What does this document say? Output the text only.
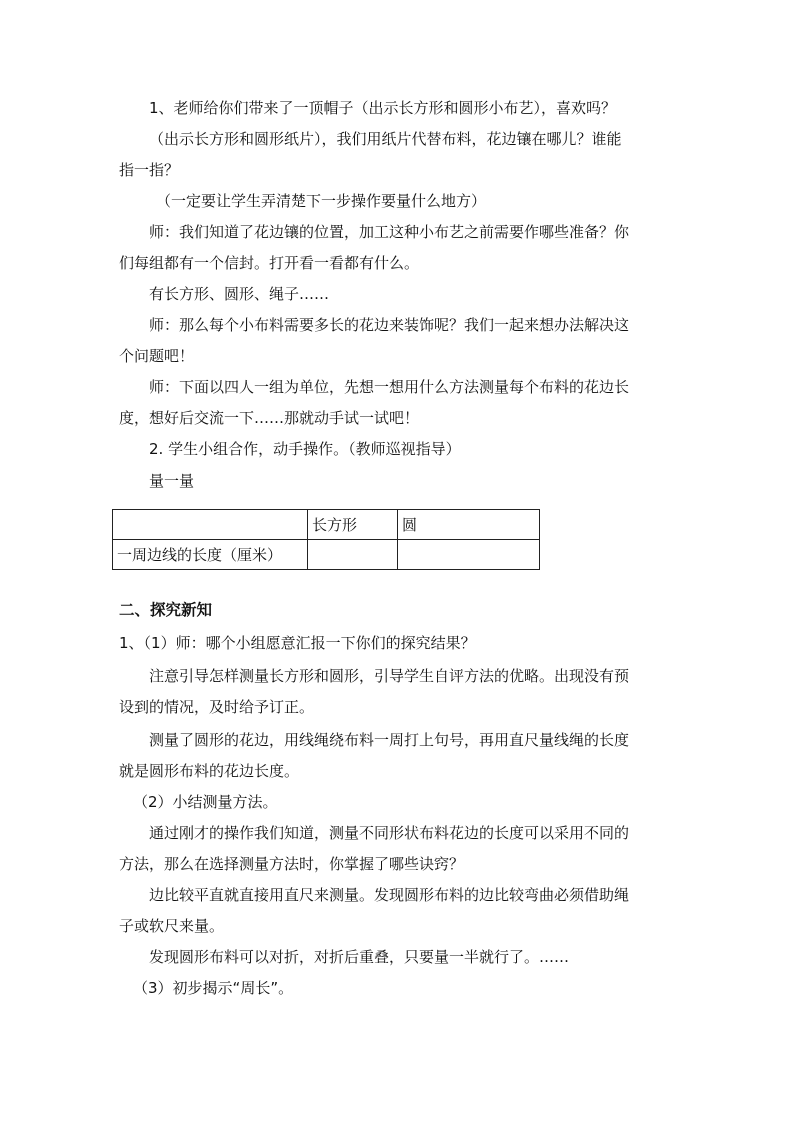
1、老师给你们带来了一顶帽子（出示长方形和圆形小布艺），喜欢吗？
（出示长方形和圆形纸片），我们用纸片代替布料，花边镶在哪儿？谁能
指一指？
（一定要让学生弄清楚下一步操作要量什么地方）
师：我们知道了花边镶的位置，加工这种小布艺之前需要作哪些准备？你
们每组都有一个信封。打开看一看都有什么。
有长方形、圆形、绳子……
师：那么每个小布料需要多长的花边来装饰呢？我们一起来想办法解决这
个问题吧！
师：下面以四人一组为单位，先想一想用什么方法测量每个布料的花边长
度，想好后交流一下……那就动手试一试吧！
2. 学生小组合作，动手操作。（教师巡视指导）
量一量
	长方形	圆
一周边线的长度（厘米）		
二、探究新知
1、（1）师：哪个小组愿意汇报一下你们的探究结果？
注意引导怎样测量长方形和圆形，引导学生自评方法的优略。出现没有预
设到的情况，及时给予订正。
测量了圆形的花边，用线绳绕布料一周打上句号，再用直尺量线绳的长度
就是圆形布料的花边长度。
（2）小结测量方法。
通过刚才的操作我们知道，测量不同形状布料花边的长度可以采用不同的
方法，那么在选择测量方法时，你掌握了哪些诀窍？
边比较平直就直接用直尺来测量。发现圆形布料的边比较弯曲必须借助绳
子或软尺来量。
发现圆形布料可以对折，对折后重叠，只要量一半就行了。……
（3）初步揭示“周长”。
